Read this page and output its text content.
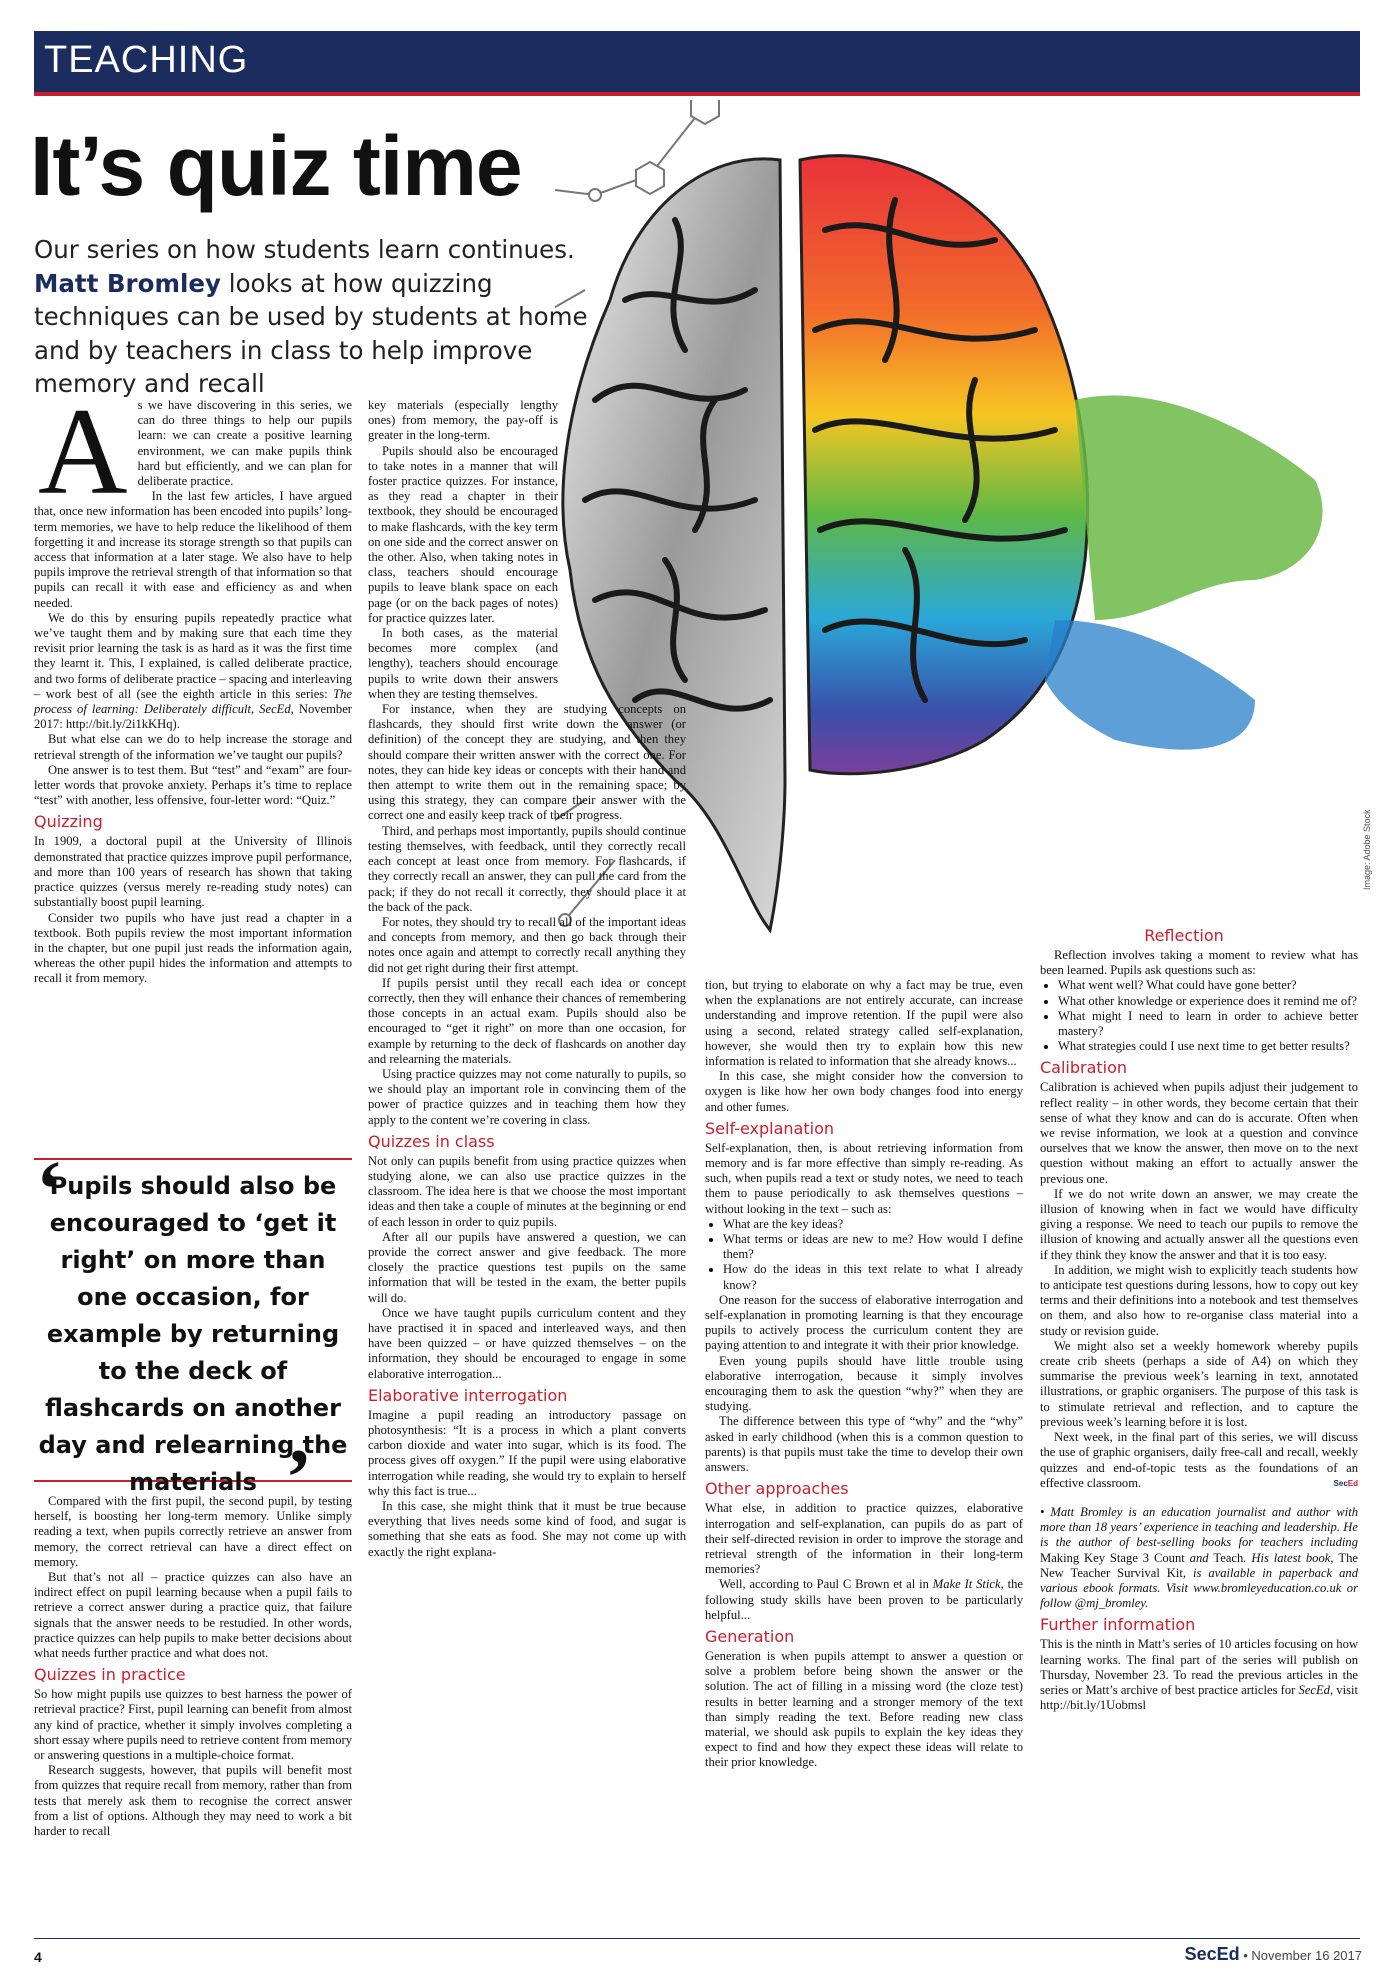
TEACHING
It’s quiz time

Our series on how students learn continues.
Matt Bromley looks at how quizzing techniques can be used by students at home and by teachers in class to help improve memory and recall

Image: Adobe Stock
A s we have discovering in this series, we can do three things to help our pupils learn: we can create a positive learning environment, we can make pupils think hard but efficiently, and we can plan for deliberate practice.

In the last few articles, I have argued that, once new information has been encoded into pupils’ long-term memories, we have to help reduce the likelihood of them forgetting it and increase its storage strength so that pupils can access that information at a later stage. We also have to help pupils improve the retrieval strength of that information so that pupils can recall it with ease and efficiency as and when needed.

We do this by ensuring pupils repeatedly practice what we’ve taught them and by making sure that each time they revisit prior learning the task is as hard as it was the first time they learnt it. This, I explained, is called deliberate practice, and two forms of deliberate practice – spacing and interleaving – work best of all (see the eighth article in this series: The process of learning: Deliberately difficult, SecEd, November 2017: http://bit.ly/2i1kKHq).

But what else can we do to help increase the storage and retrieval strength of the information we’ve taught our pupils?

One answer is to test them. But “test” and “exam” are four-letter words that provoke anxiety. Perhaps it’s time to replace “test” with another, less offensive, four-letter word: “Quiz.”

Quizzing

In 1909, a doctoral pupil at the University of Illinois demonstrated that practice quizzes improve pupil performance, and more than 100 years of research has shown that taking practice quizzes (versus merely re-reading study notes) can substantially boost pupil learning.

Consider two pupils who have just read a chapter in a textbook. Both pupils review the most important information in the chapter, but one pupil just reads the information again, whereas the other pupil hides the information and attempts to recall it from memory.

‘

Pupils should also be encouraged to ‘get it right’ on more than one occasion, for example by returning to the deck of flashcards on another day and relearning the materials ’

Compared with the first pupil, the second pupil, by testing herself, is boosting her long-term memory. Unlike simply reading a text, when pupils correctly retrieve an answer from memory, the correct retrieval can have a direct effect on memory.

But that’s not all – practice quizzes can also have an indirect effect on pupil learning because when a pupil fails to retrieve a correct answer during a practice quiz, that failure signals that the answer needs to be restudied. In other words, practice quizzes can help pupils to make better decisions about what needs further practice and what does not.

Quizzes in practice

So how might pupils use quizzes to best harness the power of retrieval practice? First, pupil learning can benefit from almost any kind of practice, whether it simply involves completing a short essay where pupils need to retrieve content from memory or answering questions in a multiple-choice format.

Research suggests, however, that pupils will benefit most from quizzes that require recall from memory, rather than from tests that merely ask them to recognise the correct answer from a list of options. Although they may need to work a bit harder to recall

key materials (especially lengthy ones) from memory, the pay-off is greater in the long-term.

Pupils should also be encouraged to take notes in a manner that will foster practice quizzes. For instance, as they read a chapter in their textbook, they should be encouraged to make flashcards, with the key term on one side and the correct answer on the other. Also, when taking notes in class, teachers should encourage pupils to leave blank space on each page (or on the back pages of notes) for practice quizzes later.

In both cases, as the material becomes more complex (and lengthy), teachers should encourage pupils to write down their answers when they are testing themselves.

For instance, when they are studying concepts on flashcards, they should first write down the answer (or definition) of the concept they are studying, and then they should compare their written answer with the correct one. For notes, they can hide key ideas or concepts with their hand and then attempt to write them out in the remaining space; by using this strategy, they can compare their answer with the correct one and easily keep track of their progress.

Third, and perhaps most importantly, pupils should continue testing themselves, with feedback, until they correctly recall each concept at least once from memory. For flashcards, if they correctly recall an answer, they can pull the card from the pack; if they do not recall it correctly, they should place it at the back of the pack.

For notes, they should try to recall all of the important ideas and concepts from memory, and then go back through their notes once again and attempt to correctly recall anything they did not get right during their first attempt.

If pupils persist until they recall each idea or concept correctly, then they will enhance their chances of remembering those concepts in an actual exam. Pupils should also be encouraged to “get it right” on more than one occasion, for example by returning to the deck of flashcards on another day and relearning the materials.

Using practice quizzes may not come naturally to pupils, so we should play an important role in convincing them of the power of practice quizzes and in teaching them how they apply to the content we’re covering in class.

Quizzes in class

Not only can pupils benefit from using practice quizzes when studying alone, we can also use practice quizzes in the classroom. The idea here is that we choose the most important ideas and then take a couple of minutes at the beginning or end of each lesson in order to quiz pupils.

After all our pupils have answered a question, we can provide the correct answer and give feedback. The more closely the practice questions test pupils on the same information that will be tested in the exam, the better pupils will do.

Once we have taught pupils curriculum content and they have practised it in spaced and interleaved ways, and then have been quizzed – or have quizzed themselves – on the information, they should be encouraged to engage in some elaborative interrogation...

Elaborative interrogation

Imagine a pupil reading an introductory passage on photosynthesis: “It is a process in which a plant converts carbon dioxide and water into sugar, which is its food. The process gives off oxygen.” If the pupil were using elaborative interrogation while reading, she would try to explain to herself why this fact is true...

In this case, she might think that it must be true because everything that lives needs some kind of food, and sugar is something that she eats as food. She may not come up with exactly the right explana-

tion, but trying to elaborate on why a fact may be true, even when the explanations are not entirely accurate, can increase understanding and improve retention. If the pupil were also using a second, related strategy called self-explanation, however, she would then try to explain how this new information is related to information that she already knows...

In this case, she might consider how the conversion to oxygen is like how her own body changes food into energy and other fumes.

Self-explanation

Self-explanation, then, is about retrieving information from memory and is far more effective than simply re-reading. As such, when pupils read a text or study notes, we need to teach them to pause periodically to ask themselves questions – without looking in the text – such as:

• What are the key ideas?
• What terms or ideas are new to me? How would I define them?
• How do the ideas in this text relate to what I already know?

One reason for the success of elaborative interrogation and self-explanation in promoting learning is that they encourage pupils to actively process the curriculum content they are paying attention to and integrate it with their prior knowledge.

Even young pupils should have little trouble using elaborative interrogation, because it simply involves encouraging them to ask the question “why?” when they are studying.

The difference between this type of “why” and the “why” asked in early childhood (when this is a common question to parents) is that pupils must take the time to develop their own answers.

Other approaches

What else, in addition to practice quizzes, elaborative interrogation and self-explanation, can pupils do as part of their self-directed revision in order to improve the storage and retrieval strength of the information in their long-term memories?

Well, according to Paul C Brown et al in Make It Stick, the following study skills have been proven to be particularly helpful...

Generation

Generation is when pupils attempt to answer a question or solve a problem before being shown the answer or the solution. The act of filling in a missing word (the cloze test) results in better learning and a stronger memory of the text than simply reading the text. Before reading new class material, we should ask pupils to explain the key ideas they expect to find and how they expect these ideas will relate to their prior knowledge.

Reflection

Reflection involves taking a moment to review what has been learned. Pupils ask questions such as:

• What went well? What could have gone better?
• What other knowledge or experience does it remind me of?
• What might I need to learn in order to achieve better mastery?
• What strategies could I use next time to get better results?
Calibration

Calibration is achieved when pupils adjust their judgement to reflect reality – in other words, they become certain that their sense of what they know and can do is accurate. Often when we revise information, we look at a question and convince ourselves that we know the answer, then move on to the next question without making an effort to actually answer the previous one.

If we do not write down an answer, we may create the illusion of knowing when in fact we would have difficulty giving a response. We need to teach our pupils to remove the illusion of knowing and actually answer all the questions even if they think they know the answer and that it is too easy.

In addition, we might wish to explicitly teach students how to anticipate test questions during lessons, how to copy out key terms and their definitions into a notebook and test themselves on them, and also how to re-organise class material into a study or revision guide.

We might also set a weekly homework whereby pupils create crib sheets (perhaps a side of A4) on which they summarise the previous week’s learning in text, annotated illustrations, or graphic organisers. The purpose of this task is to stimulate retrieval and reflection, and to capture the previous week’s learning before it is lost.

Next week, in the final part of this series, we will discuss the use of graphic organisers, daily free-call and recall, weekly quizzes and end-of-topic tests as the foundations of an effective classroom.	SecEd

• Matt Bromley is an education journalist and author with more than 18 years’ experience in teaching and leadership. He is the author of best-selling books for teachers including Making Key Stage 3 Count and Teach. His latest book, The New Teacher Survival Kit, is available in paperback and various ebook formats. Visit www.bromleyeducation.co.uk or follow @mj_bromley.

Further information

This is the ninth in Matt’s series of 10 articles focusing on how learning works. The final part of the series will publish on Thursday, November 23. To read the previous articles in the series or Matt’s archive of best practice articles for SecEd, visit http://bit.ly/1Uobmsl

4	SecEd • November 16 2017
